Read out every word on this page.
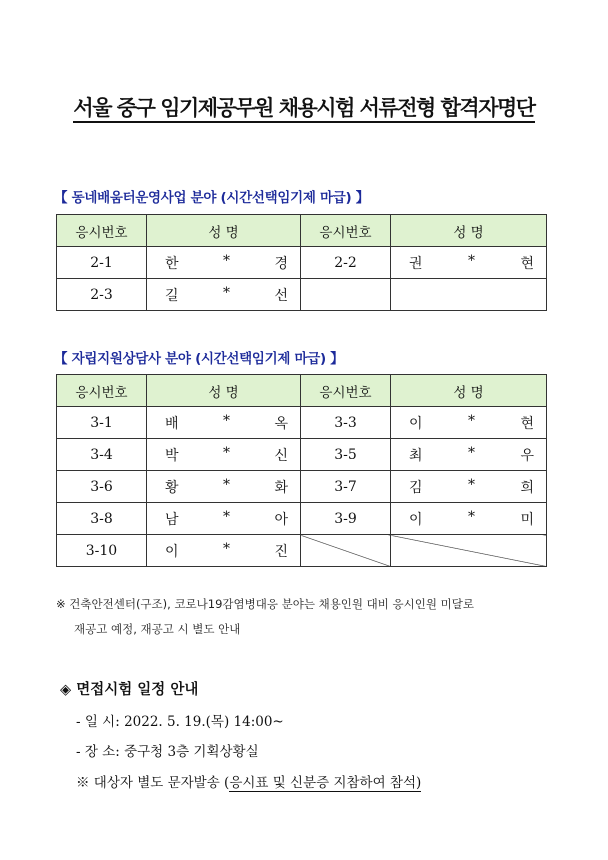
서울 중구 임기제공무원 채용시험 서류전형 합격자명단
【 동네배움터운영사업 분야 (시간선택임기제 마급) 】
응시번호	성 명	응시번호	성 명
2-1	한 * 경	2-2	권 * 현

2-3	길 * 선		

【 자립지원상담사 분야 (시간선택임기제 마급) 】
응시번호	성 명	응시번호	성 명
3-1	배 * 옥	3-3	이 * 현

3-4	박 * 신	3-5	최 * 우

3-6	황 * 화	3-7	김 * 희

3-8	남 * 아	3-9	이 * 미

3-10	이 * 진		

※ 건축안전센터(구조), 코로나19감염병대응 분야는 채용인원 대비 응시인원 미달로
재공고 예정, 재공고 시 별도 안내
◈ 면접시험 일정 안내
- 일 시: 2022. 5. 19.(목) 14:00~
- 장 소: 중구청 3층 기획상황실
※ 대상자 별도 문자발송 (응시표 및 신분증 지참하여 참석)
